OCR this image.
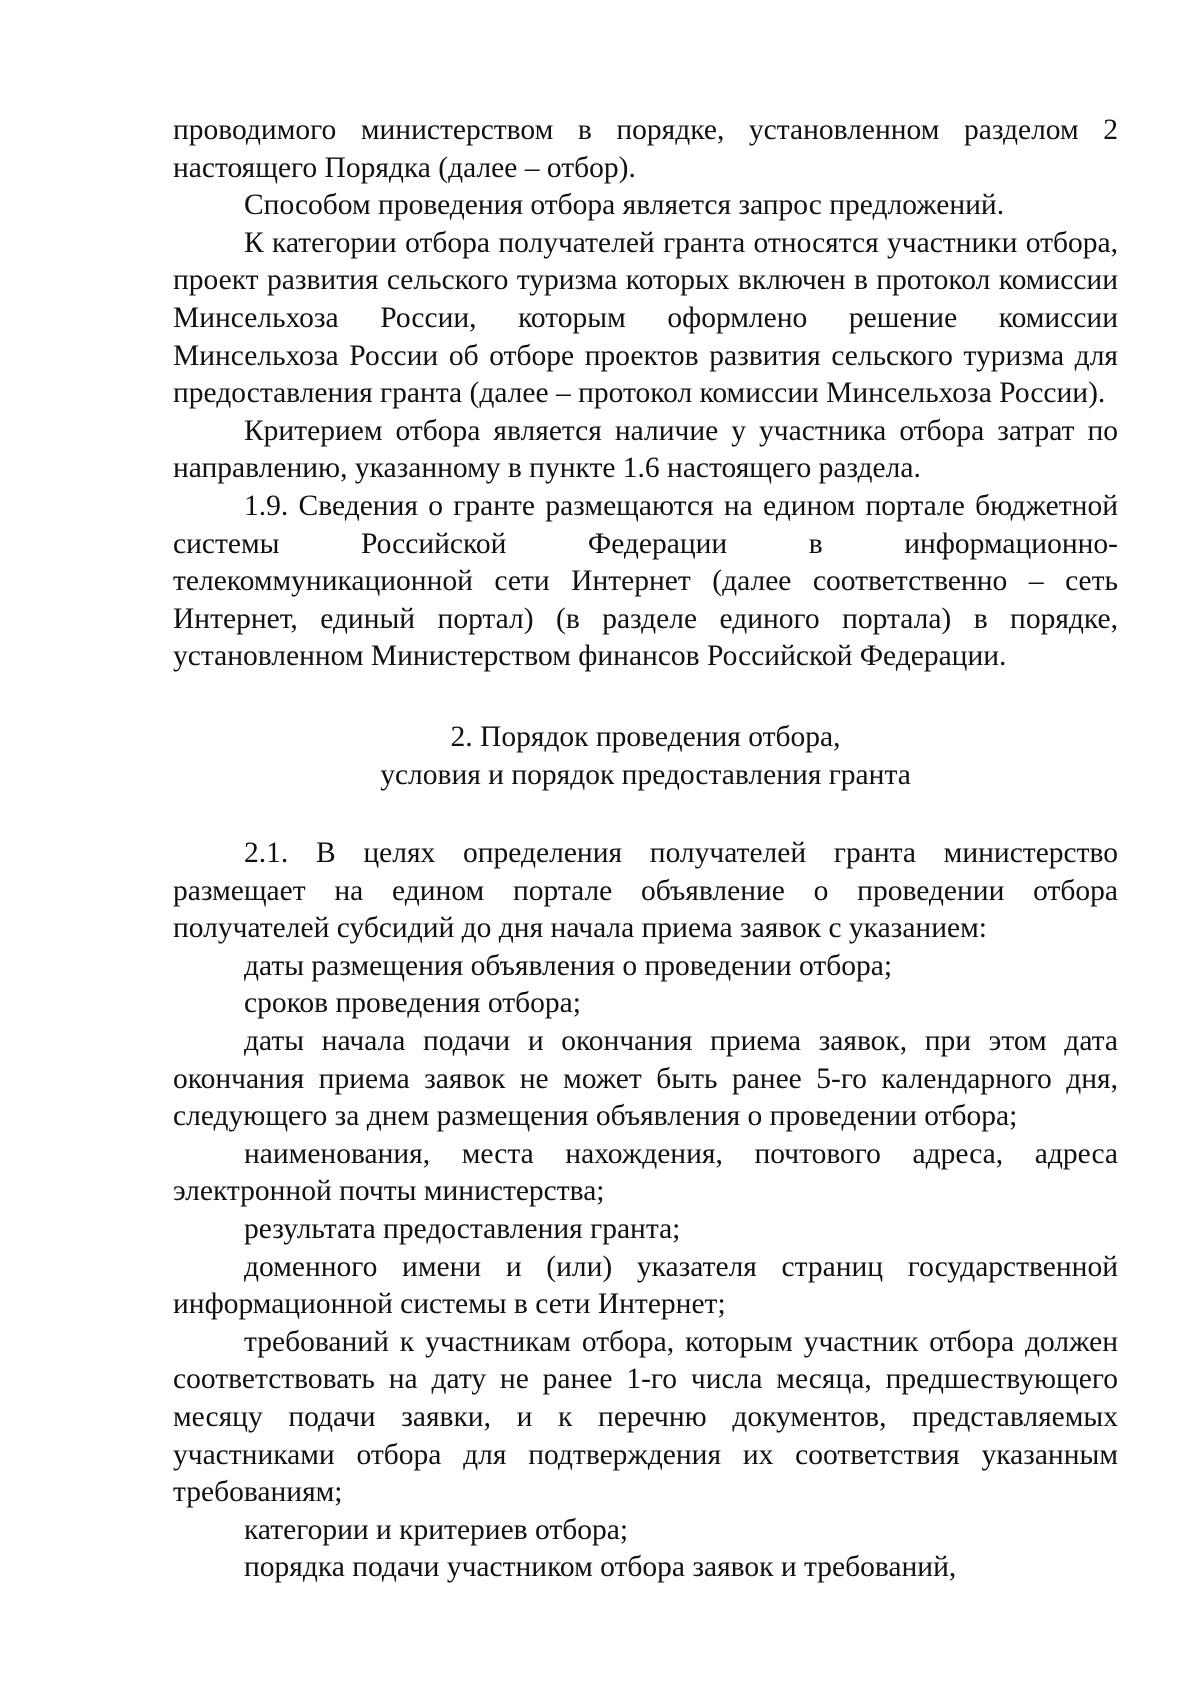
проводимого министерством в порядке, установленном разделом 2 настоящего Порядка (далее – отбор).

Способом проведения отбора является запрос предложений.

К категории отбора получателей гранта относятся участники отбора, проект развития сельского туризма которых включен в протокол комиссии Минсельхоза России, которым оформлено решение комиссии Минсельхоза России об отборе проектов развития сельского туризма для предоставления гранта (далее – протокол комиссии Минсельхоза России).

Критерием отбора является наличие у участника отбора затрат по направлению, указанному в пункте 1.6 настоящего раздела.

1.9. Сведения о гранте размещаются на едином портале бюджетной системы Российской Федерации в информационно-телекоммуникационной сети Интернет (далее соответственно – сеть Интернет, единый портал) (в разделе единого портала) в порядке, установленном Министерством финансов Российской Федерации.

2. Порядок проведения отбора,
условия и порядок предоставления гранта

2.1. В целях определения получателей гранта министерство размещает на едином портале объявление о проведении отбора получателей субсидий до дня начала приема заявок с указанием:

даты размещения объявления о проведении отбора;

сроков проведения отбора;

даты начала подачи и окончания приема заявок, при этом дата окончания приема заявок не может быть ранее 5-го календарного дня, следующего за днем размещения объявления о проведении отбора;

наименования, места нахождения, почтового адреса, адреса электронной почты министерства;

результата предоставления гранта;

доменного имени и (или) указателя страниц государственной информационной системы в сети Интернет;

требований к участникам отбора, которым участник отбора должен соответствовать на дату не ранее 1-го числа месяца, предшествующего месяцу подачи заявки, и к перечню документов, представляемых участниками отбора для подтверждения их соответствия указанным требованиям;

категории и критериев отбора;

порядка подачи участником отбора заявок и требований,
